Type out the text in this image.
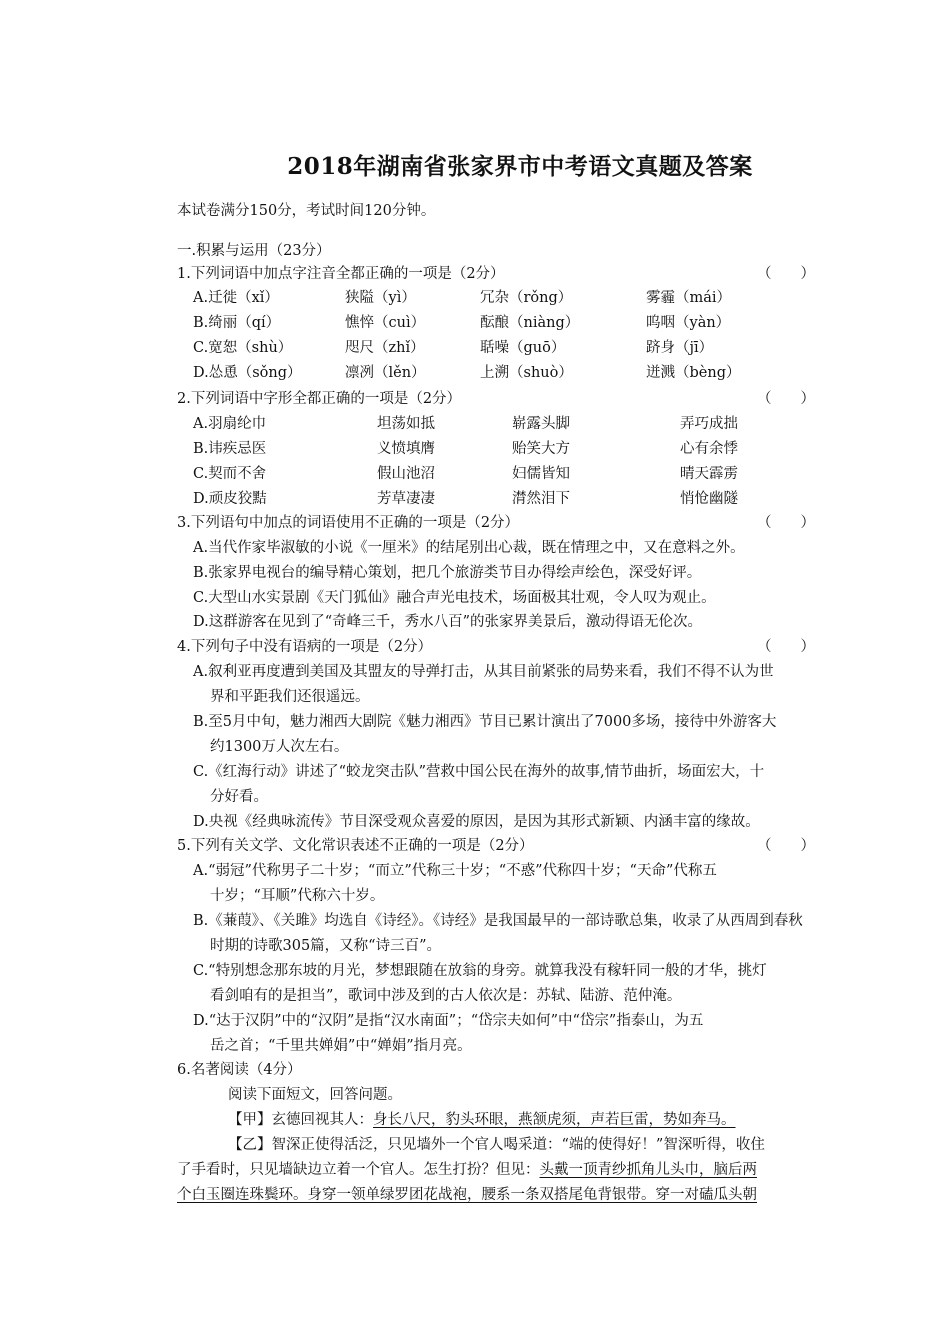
2018年湖南省张家界市中考语文真题及答案
本试卷满分150分，考试时间120分钟。
一.积累与运用（23分）
1.下列词语中加点字注音全都正确的一项是（2分）	（　　）
A.迁徙（xǐ）	狭隘（yì）	冗杂（rǒng）	雾霾（mái）
B.绮丽（qí）	憔悴（cuì）	酝酿（niàng）	呜咽（yàn）
C.宽恕（shù）	咫尺（zhǐ）	聒噪（guō）	跻身（jī）
D.怂恿（sǒng）	凛冽（lěn）	上溯（shuò）	迸溅（bèng）
2.下列词语中字形全都正确的一项是（2分）	（　　）
A.羽扇纶巾	坦荡如抵	崭露头脚	弄巧成拙
B.讳疾忌医	义愤填膺	贻笑大方	心有余悸
C.契而不舍	假山池沼	妇儒皆知	晴天霹雳
D.顽皮狡黠	芳草凄凄	潸然泪下	悄怆幽隧
3.下列语句中加点的词语使用不正确的一项是（2分）	（　　）
A.当代作家毕淑敏的小说《一厘米》的结尾别出心裁，既在情理之中，又在意料之外。
B.张家界电视台的编导精心策划，把几个旅游类节目办得绘声绘色，深受好评。
C.大型山水实景剧《天门狐仙》融合声光电技术，场面极其壮观，令人叹为观止。
D.这群游客在见到了“奇峰三千，秀水八百”的张家界美景后，激动得语无伦次。
4.下列句子中没有语病的一项是（2分）	（　　）
A.叙利亚再度遭到美国及其盟友的导弹打击，从其目前紧张的局势来看，我们不得不认为世
界和平距我们还很遥远。
B.至5月中旬，魅力湘西大剧院《魅力湘西》节目已累计演出了7000多场，接待中外游客大
约1300万人次左右。
C.《红海行动》讲述了“蛟龙突击队”营救中国公民在海外的故事,情节曲折，场面宏大，十
分好看。
D.央视《经典咏流传》节目深受观众喜爱的原因，是因为其形式新颖、内涵丰富的缘故。
5.下列有关文学、文化常识表述不正确的一项是（2分）	（　　）
A.“弱冠”代称男子二十岁；“而立”代称三十岁；“不惑”代称四十岁；“天命”代称五
十岁；“耳顺”代称六十岁。
B.《蒹葭》、《关雎》均选自《诗经》。《诗经》是我国最早的一部诗歌总集，收录了从西周到春秋
时期的诗歌305篇，又称“诗三百”。
C.“特别想念那东坡的月光，梦想跟随在放翁的身旁。就算我没有稼轩同一般的才华，挑灯
看剑咱有的是担当”，歌词中涉及到的古人依次是：苏轼、陆游、范仲淹。
D.“达于汉阴”中的“汉阴”是指“汉水南面”；“岱宗夫如何”中“岱宗”指泰山，为五
岳之首；“千里共婵娟”中“婵娟”指月亮。
6.名著阅读（4分）
阅读下面短文，回答问题。
【甲】玄德回视其人：身长八尺，豹头环眼，燕颔虎须，声若巨雷，势如奔马。
【乙】智深正使得活泛，只见墙外一个官人喝采道：“端的使得好！”智深听得，收住
了手看时，只见墙缺边立着一个官人。怎生打扮？但见：头戴一顶青纱抓角儿头巾，脑后两
个白玉圈连珠鬓环。身穿一领单绿罗团花战袍，腰系一条双搭尾龟背银带。穿一对磕瓜头朝
